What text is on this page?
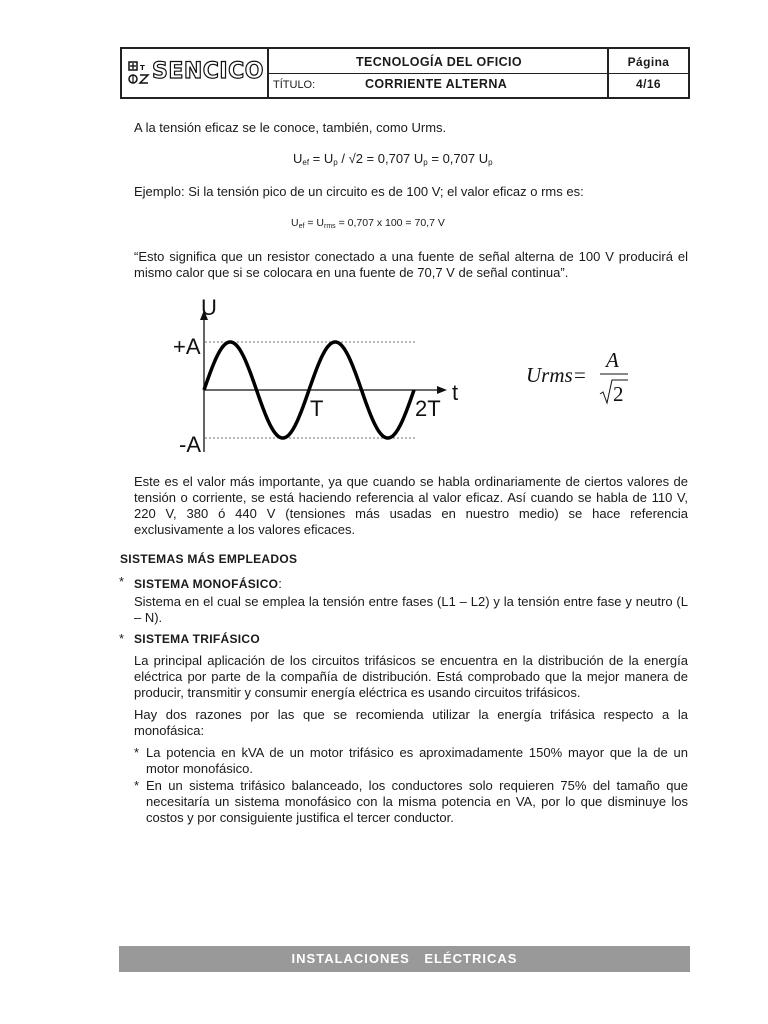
T SENCICO	TECNOLOGÍA DEL OFICIO
TÍTULO:	CORRIENTE ALTERNA
Página
4/16
A la tensión eficaz se le conoce, también, como Urms.
$U_{ef} = U_p / √2 = 0,707$ $U_p = 0,707$ $U_p$
Ejemplo: Si la tensión pico de un circuito es de 100 V; el valor eficaz o rms es:
$U_{ef} = U_{rms} = 0,707$ x 100 = 70,7 V
“Esto significa que un resistor conectado a una fuente de señal alterna de 100 V producirá el mismo calor que si se colocara en una fuente de 70,7 V de señal continua”.
U
t
+A
-A
T	2T
Urms=
A
2
Este es el valor más importante, ya que cuando se habla ordinariamente de ciertos valores de tensión o corriente, se está haciendo referencia al valor eficaz. Así cuando se habla de 110 V, 220 V, 380 ó 440 V (tensiones más usadas en nuestro medio) se hace referencia exclusivamente a los valores eficaces.
SISTEMAS MÁS EMPLEADOS
* SISTEMA MONOFÁSICO:
Sistema en el cual se emplea la tensión entre fases (L1 – L2) y la tensión entre fase y neutro (L – N).
* SISTEMA TRIFÁSICO
La principal aplicación de los circuitos trifásicos se encuentra en la distribución de la energía eléctrica por parte de la compañía de distribución. Está comprobado que la mejor manera de producir, transmitir y consumir energía eléctrica es usando circuitos trifásicos.
Hay dos razones por las que se recomienda utilizar la energía trifásica respecto a la monofásica:
* La potencia en kVA de un motor trifásico es aproximadamente 150% mayor que la de un motor monofásico.
* En un sistema trifásico balanceado, los conductores solo requieren 75% del tamaño que necesitaría un sistema monofásico con la misma potencia en VA, por lo que disminuye los costos y por consiguiente justifica el tercer conductor.
INSTALACIONES ELÉCTRICAS
